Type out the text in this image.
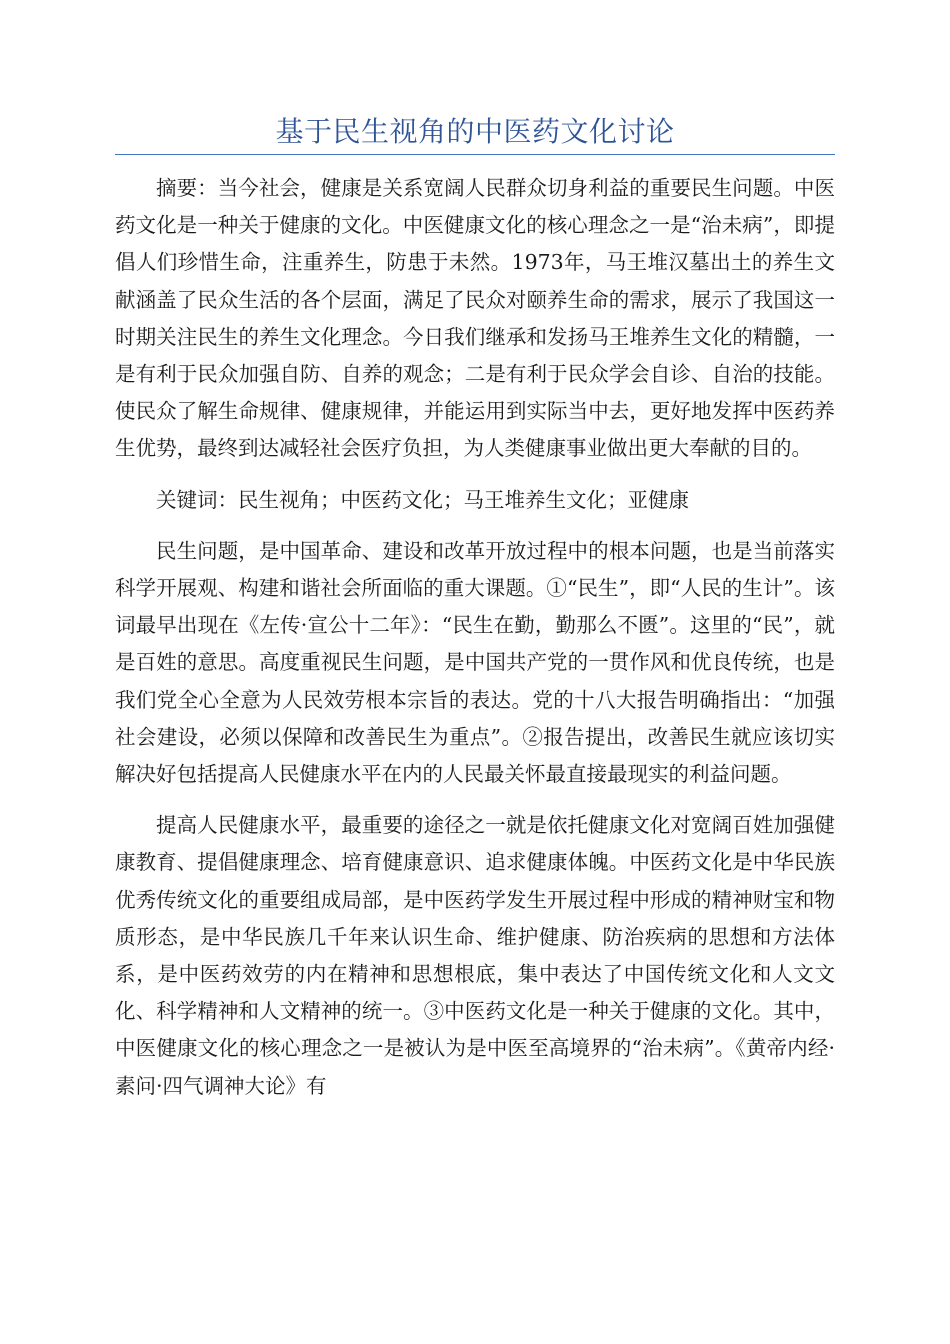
基于民生视角的中医药文化讨论

摘要：当今社会，健康是关系宽阔人民群众切身利益的重要民生问题。中医药文化是一种关于健康的文化。中医健康文化的核心理念之一是“治未病”，即提倡人们珍惜生命，注重养生，防患于未然。1973年，马王堆汉墓出土的养生文献涵盖了民众生活的各个层面，满足了民众对颐养生命的需求，展示了我国这一时期关注民生的养生文化理念。今日我们继承和发扬马王堆养生文化的精髓，一是有利于民众加强自防、自养的观念；二是有利于民众学会自诊、自治的技能。使民众了解生命规律、健康规律，并能运用到实际当中去，更好地发挥中医药养生优势，最终到达减轻社会医疗负担，为人类健康事业做出更大奉献的目的。

关键词：民生视角；中医药文化；马王堆养生文化；亚健康

民生问题，是中国革命、建设和改革开放过程中的根本问题，也是当前落实科学开展观、构建和谐社会所面临的重大课题。①“民生”，即“人民的生计”。该词最早出现在《左传·宣公十二年》：“民生在勤，勤那么不匮”。这里的“民”，就是百姓的意思。高度重视民生问题，是中国共产党的一贯作风和优良传统，也是我们党全心全意为人民效劳根本宗旨的表达。党的十八大报告明确指出：“加强社会建设，必须以保障和改善民生为重点”。②报告提出，改善民生就应该切实解决好包括提高人民健康水平在内的人民最关怀最直接最现实的利益问题。

提高人民健康水平，最重要的途径之一就是依托健康文化对宽阔百姓加强健康教育、提倡健康理念、培育健康意识、追求健康体魄。中医药文化是中华民族优秀传统文化的重要组成局部，是中医药学发生开展过程中形成的精神财宝和物质形态，是中华民族几千年来认识生命、维护健康、防治疾病的思想和方法体系，是中医药效劳的内在精神和思想根底，集中表达了中国传统文化和人文文化、科学精神和人文精神的统一。③中医药文化是一种关于健康的文化。其中，中医健康文化的核心理念之一是被认为是中医至高境界的“治未病”。《黄帝内经·素问·四气调神大论》有
